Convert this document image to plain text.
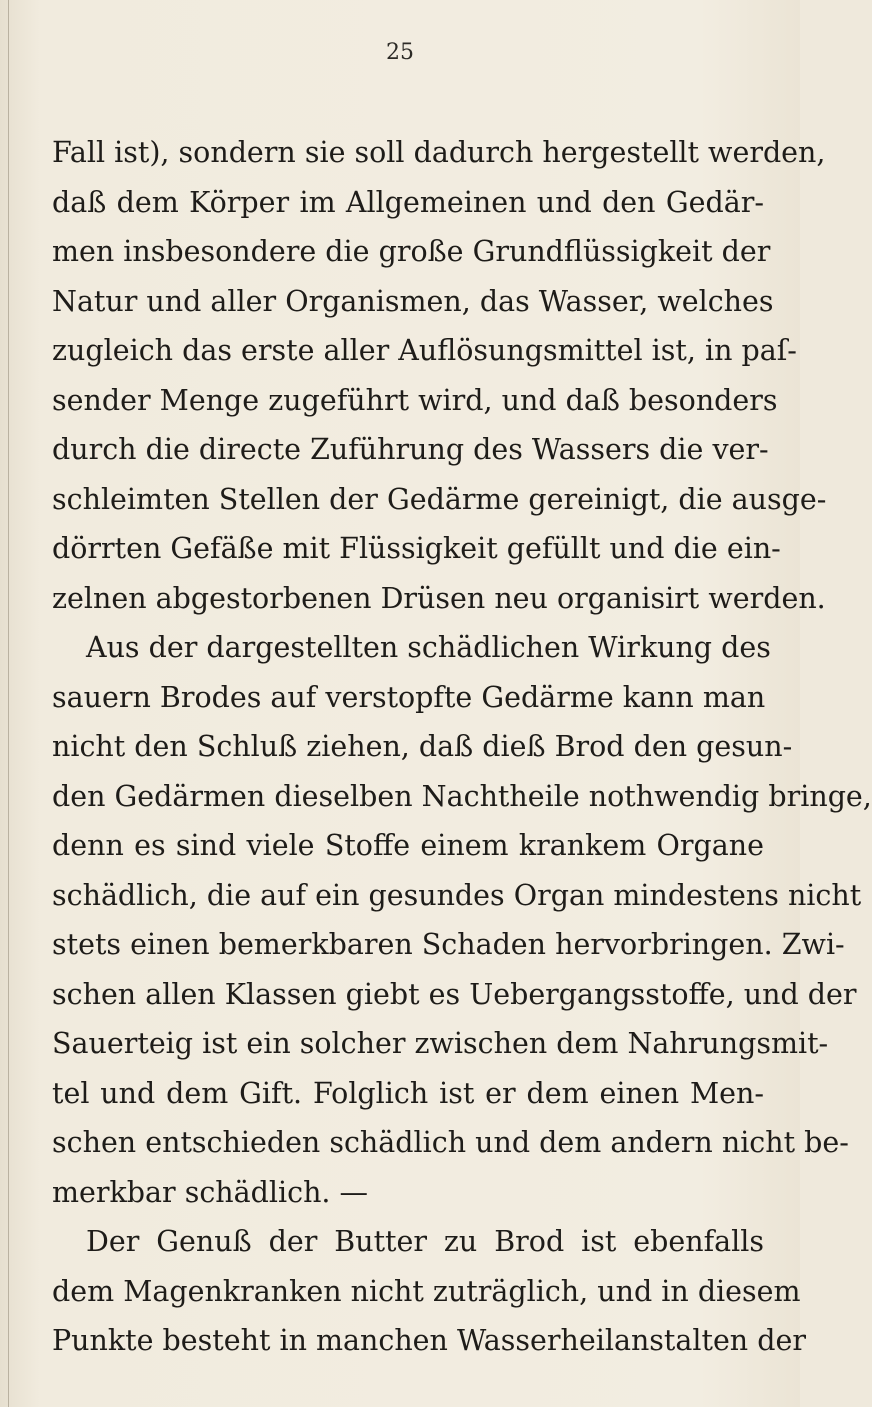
25
Fall ist), sondern sie soll dadurch hergestellt werden,
daß dem Körper im Allgemeinen und den Gedär-
men insbesondere die große Grundflüssigkeit der
Natur und aller Organismen, das Wasser, welches
zugleich das erste aller Auflösungsmittel ist, in paſ-
sender Menge zugeführt wird, und daß besonders
durch die directe Zuführung des Wassers die ver-
schleimten Stellen der Gedärme gereinigt, die ausge-
dörrten Gefäße mit Flüssigkeit gefüllt und die ein-
zelnen abgestorbenen Drüsen neu organisirt werden.
Aus der dargestellten schädlichen Wirkung des
sauern Brodes auf verstopfte Gedärme kann man
nicht den Schluß ziehen, daß dieß Brod den gesun-
den Gedärmen dieselben Nachtheile nothwendig bringe,
denn es sind viele Stoffe einem krankem Organe
schädlich, die auf ein gesundes Organ mindestens nicht
stets einen bemerkbaren Schaden hervorbringen. Zwi-
schen allen Klassen giebt es Uebergangsstoffe, und der
Sauerteig ist ein solcher zwischen dem Nahrungsmit-
tel und dem Gift. Folglich ist er dem einen Men-
schen entschieden schädlich und dem andern nicht be-
merkbar schädlich. —
Der Genuß der Butter zu Brod ist ebenfalls
dem Magenkranken nicht zuträglich, und in diesem
Punkte besteht in manchen Wasserheilanstalten der
